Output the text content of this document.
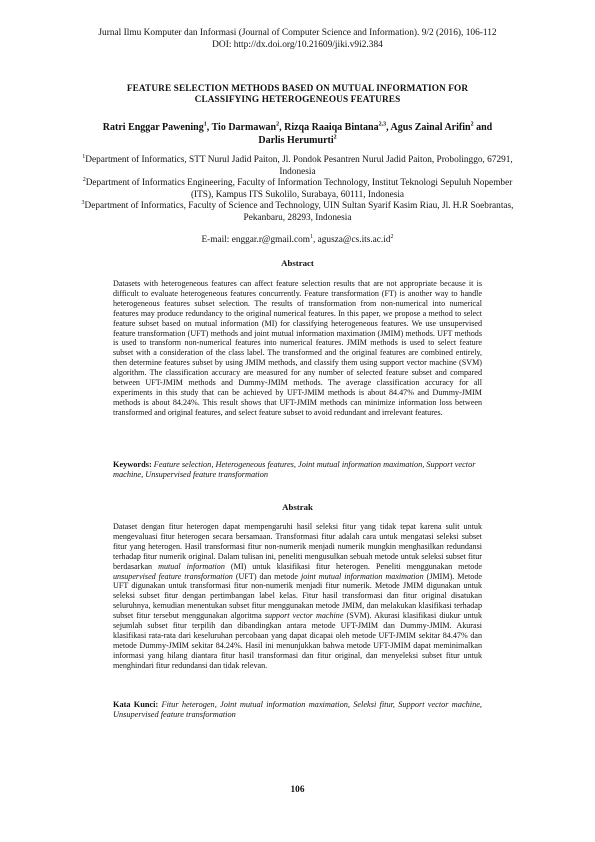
Jurnal Ilmu Komputer dan Informasi (Journal of Computer Science and Information). 9/2 (2016), 106-112
DOI: http://dx.doi.org/10.21609/jiki.v9i2.384
FEATURE SELECTION METHODS BASED ON MUTUAL INFORMATION FOR
CLASSIFYING HETEROGENEOUS FEATURES
Ratri Enggar Pawening$^1$, Tio Darmawan$^2$, Rizqa Raaiqa Bintana$^{2,3}$, Agus Zainal Arifin$^2$ and Darlis Herumurti$^2$

$^1$Department of Informatics, STT Nurul Jadid Paiton, Jl. Pondok Pesantren Nurul Jadid Paiton, Probolinggo, 67291, Indonesia

$^2$Department of Informatics Engineering, Faculty of Information Technology, Institut Teknologi Sepuluh Nopember (ITS), Kampus ITS Sukolilo, Surabaya, 60111, Indonesia

$^3$Department of Informatics, Faculty of Science and Technology, UIN Sultan Syarif Kasim Riau, Jl. H.R Soebrantas, Pekanbaru, 28293, Indonesia

E-mail: enggar.r@gmail.com$^1$, $agusza@cs.its.ac.id^2$
Abstract
Datasets with heterogeneous features can affect feature selection results that are not appropriate because it is difficult to evaluate heterogeneous features concurrently. Feature transformation (FT) is another way to handle heterogeneous features subset selection. The results of transformation from non-numerical into numerical features may produce redundancy to the original numerical features. In this paper, we propose a method to select feature subset based on mutual information (MI) for classifying heterogeneous features. We use unsupervised feature transformation (UFT) methods and joint mutual information maximation (JMIM) methods. UFT methods is used to transform non-numerical features into numerical features. JMIM methods is used to select feature subset with a consideration of the class label. The transformed and the original features are combined entirely, then determine features subset by using JMIM methods, and classify them using support vector machine (SVM) algorithm. The classification accuracy are measured for any number of selected feature subset and compared between UFT-JMIM methods and Dummy-JMIM methods. The average classification accuracy for all experiments in this study that can be achieved by UFT-JMIM methods is about 84.47% and Dummy-JMIM methods is about 84.24%. This result shows that UFT-JMIM methods can minimize information loss between transformed and original features, and select feature subset to avoid redundant and irrelevant features.
Keywords: Feature selection, Heterogeneous features, Joint mutual information maximation, Support vector machine, Unsupervised feature transformation
Abstrak
Dataset dengan fitur heterogen dapat mempengaruhi hasil seleksi fitur yang tidak tepat karena sulit untuk mengevaluasi fitur heterogen secara bersamaan. Transformasi fitur adalah cara untuk mengatasi seleksi subset fitur yang heterogen. Hasil transformasi fitur non-numerik menjadi numerik mungkin menghasilkan redundansi terhadap fitur numerik original. Dalam tulisan ini, peneliti mengusulkan sebuah metode untuk seleksi subset fitur berdasarkan mutual information (MI) untuk klasifikasi fitur heterogen. Peneliti menggunakan metode unsupervised feature transformation (UFT) dan metode joint mutual information maximation (JMIM). Metode UFT digunakan untuk transformasi fitur non-numerik menjadi fitur numerik. Metode JMIM digunakan untuk seleksi subset fitur dengan pertimbangan label kelas. Fitur hasil transformasi dan fitur original disatukan seluruhnya, kemudian menentukan subset fitur menggunakan metode JMIM, dan melakukan klasifikasi terhadap subset fitur tersebut menggunakan algoritma support vector machine (SVM). Akurasi klasifikasi diukur untuk sejumlah subset fitur terpilih dan dibandingkan antara metode UFT-JMIM dan Dummy-JMIM. Akurasi klasifikasi rata-rata dari keseluruhan percobaan yang dapat dicapai oleh metode UFT-JMIM sekitar 84.47% dan metode Dummy-JMIM sekitar 84.24%. Hasil ini menunjukkan bahwa metode UFT-JMIM dapat meminimalkan informasi yang hilang diantara fitur hasil transformasi dan fitur original, dan menyeleksi subset fitur untuk menghindari fitur redundansi dan tidak relevan.
Kata Kunci: Fitur heterogen, Joint mutual information maximation, Seleksi fitur, Support vector machine, Unsupervised feature transformation
106
